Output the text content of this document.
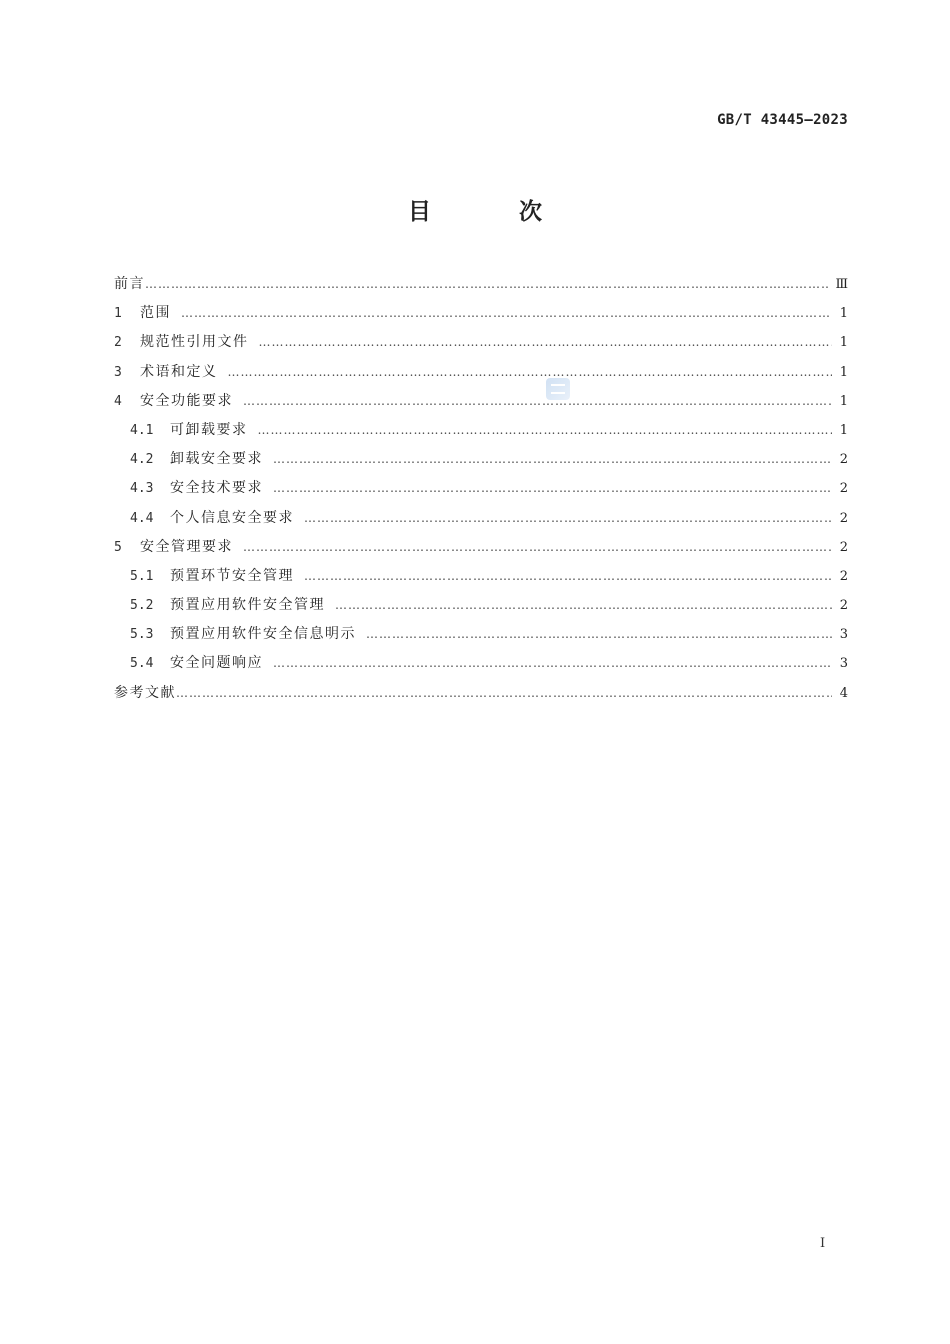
GB/T 43445—2023
目 次
前言 …………………………………………………………………………………………………………………………………………………………………………………………………………………………………………	Ⅲ
1	范围 …………………………………………………………………………………………………………………………………………………………………………………………………………………………………………	1
2	规范性引用文件 …………………………………………………………………………………………………………………………………………………………………………………………………………………………………………	1
3	术语和定义 …………………………………………………………………………………………………………………………………………………………………………………………………………………………………………	1
4	安全功能要求 …………………………………………………………………………………………………………………………………………………………………………………………………………………………………………	1
4.1	可卸载要求 …………………………………………………………………………………………………………………………………………………………………………………………………………………………………………	1
4.2	卸载安全要求 …………………………………………………………………………………………………………………………………………………………………………………………………………………………………………	2
4.3	安全技术要求 …………………………………………………………………………………………………………………………………………………………………………………………………………………………………………	2
4.4	个人信息安全要求 …………………………………………………………………………………………………………………………………………………………………………………………………………………………………………	2
5	安全管理要求 …………………………………………………………………………………………………………………………………………………………………………………………………………………………………………	2
5.1	预置环节安全管理 …………………………………………………………………………………………………………………………………………………………………………………………………………………………………………	2
5.2	预置应用软件安全管理 …………………………………………………………………………………………………………………………………………………………………………………………………………………………………………	2
5.3	预置应用软件安全信息明示 …………………………………………………………………………………………………………………………………………………………………………………………………………………………………………	3
5.4	安全问题响应 …………………………………………………………………………………………………………………………………………………………………………………………………………………………………………	3
参考文献 …………………………………………………………………………………………………………………………………………………………………………………………………………………………………………	4
I
